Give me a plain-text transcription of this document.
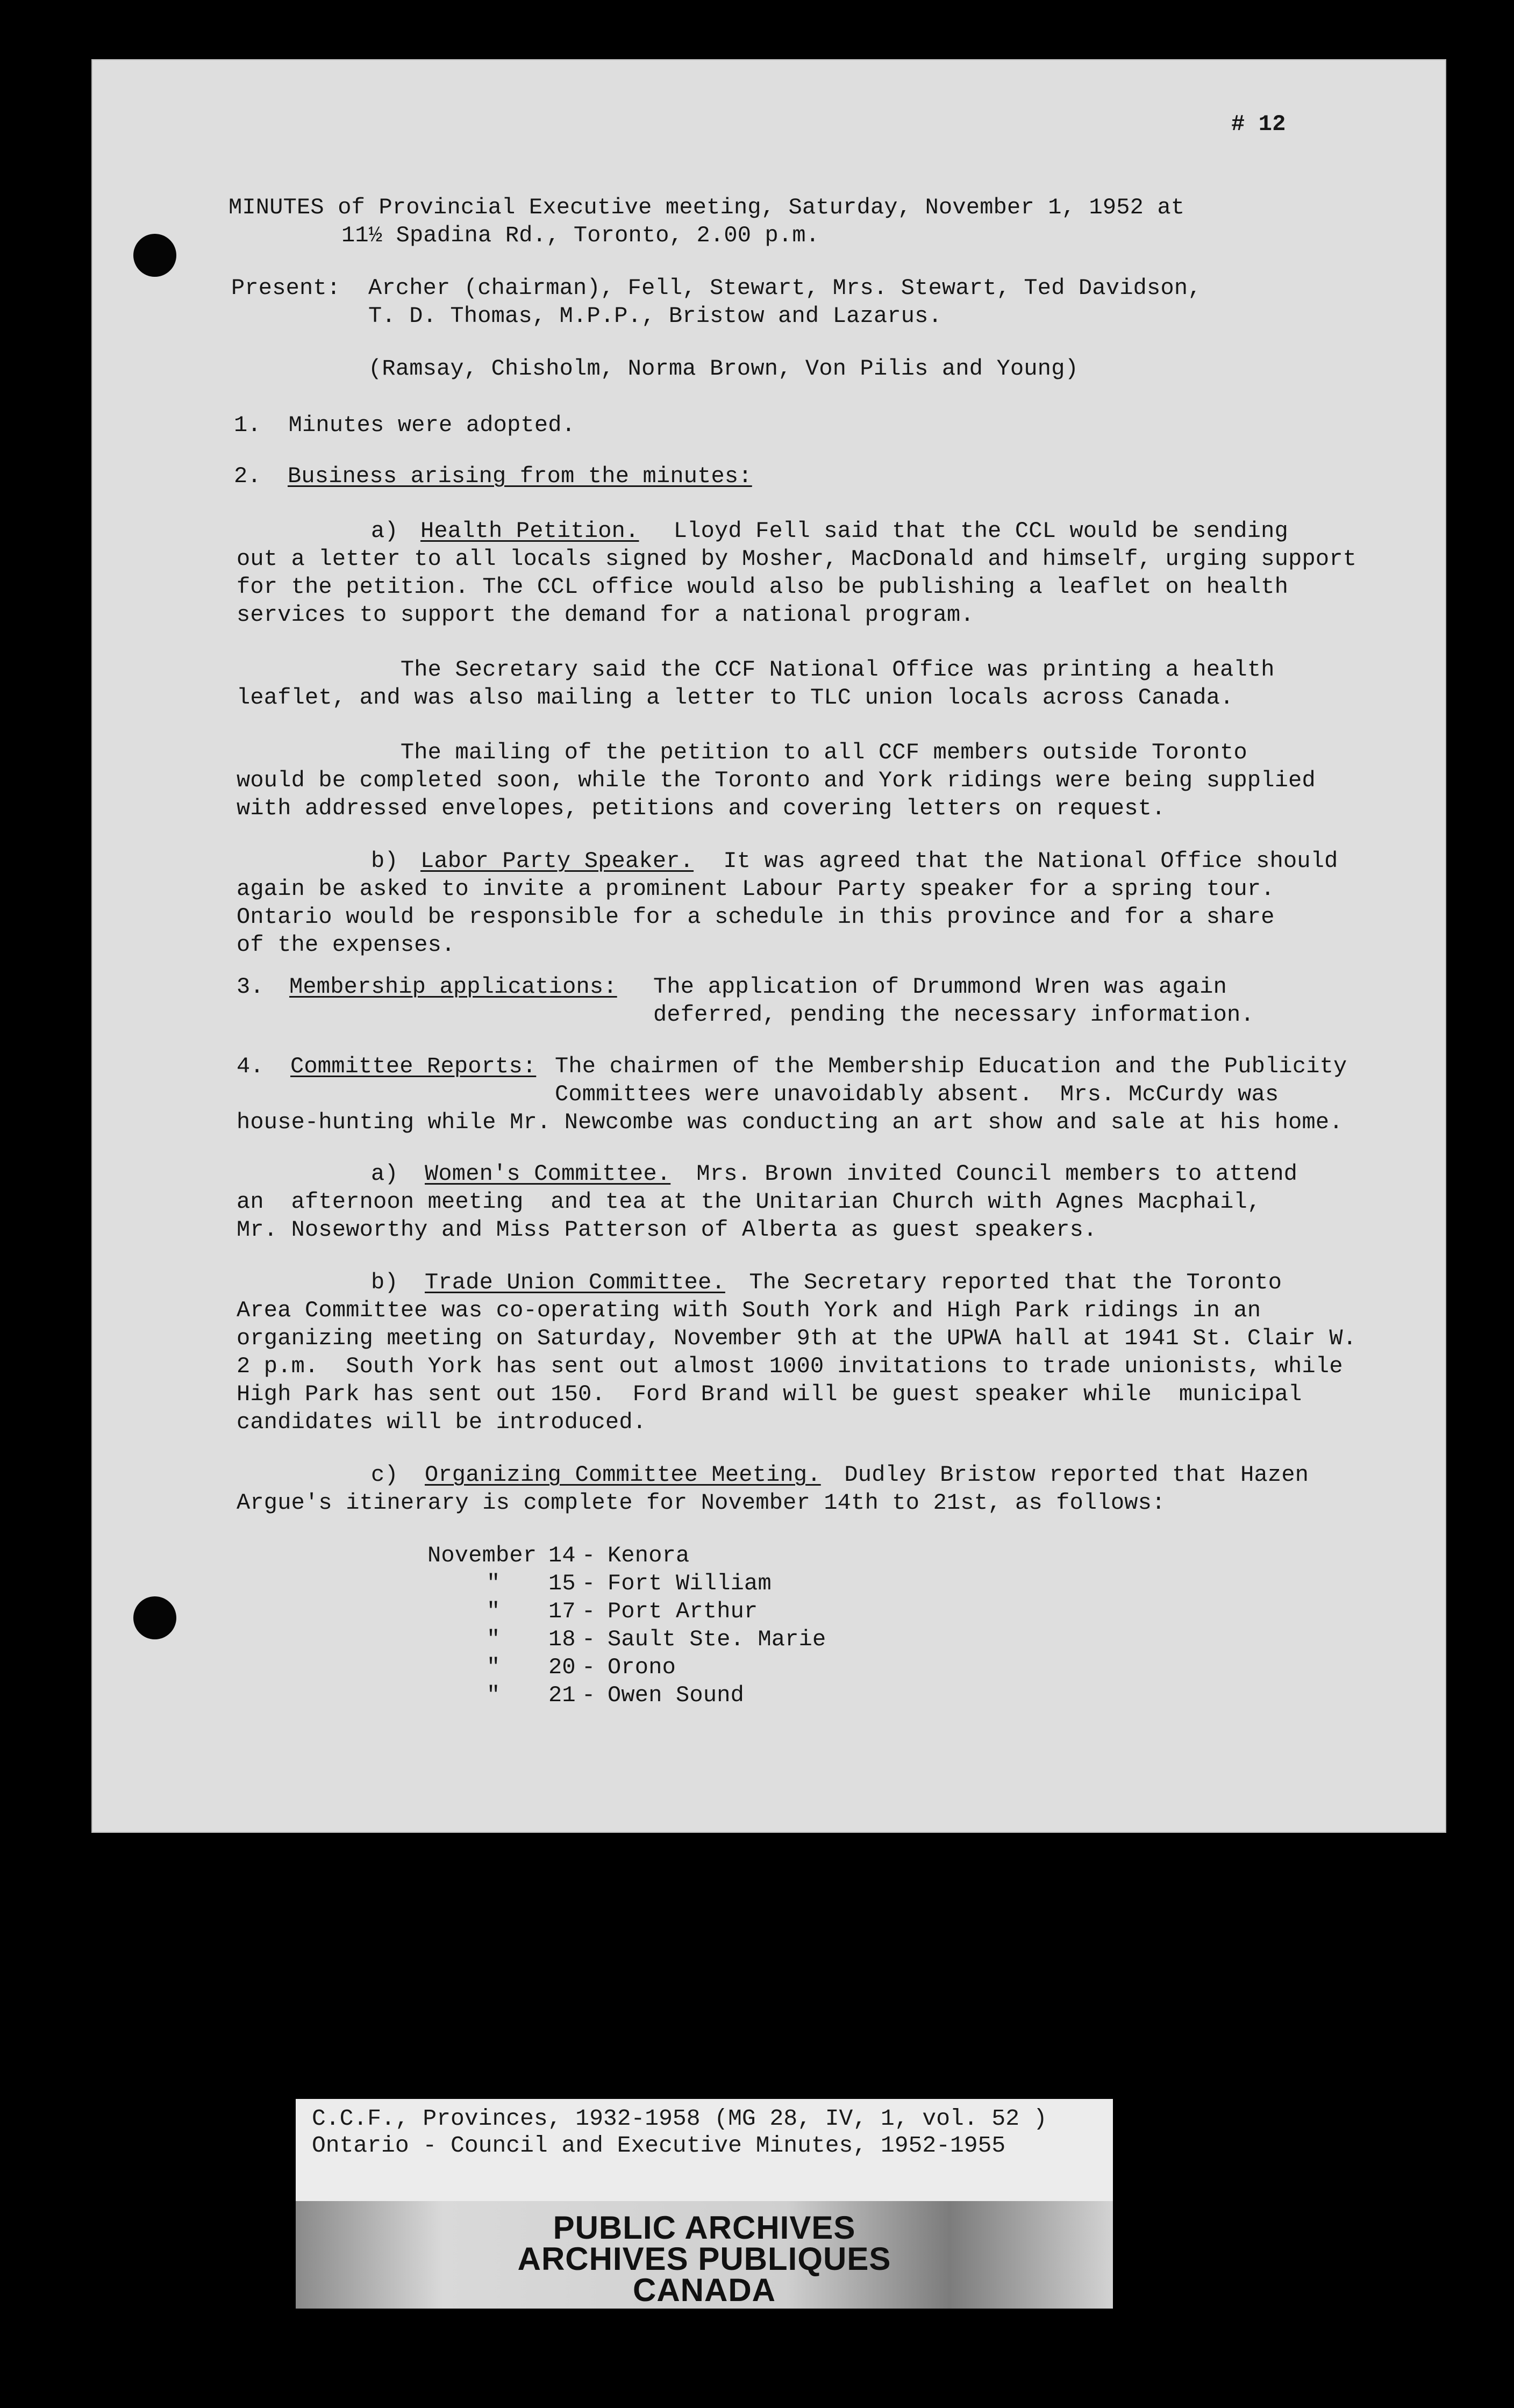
# 12
MINUTES of Provincial Executive meeting, Saturday, November 1, 1952 at
11½ Spadina Rd., Toronto, 2.00 p.m.
Present: Archer (chairman), Fell, Stewart, Mrs. Stewart, Ted Davidson,
T. D. Thomas, M.P.P., Bristow and Lazarus.
(Ramsay, Chisholm, Norma Brown, Von Pilis and Young)
1.  Minutes were adopted.
2. Business arising from the minutes:
a) Health Petition. Lloyd Fell said that the CCL would be sending
out a letter to all locals signed by Mosher, MacDonald and himself, urging support
for the petition. The CCL office would also be publishing a leaflet on health
services to support the demand for a national program.
The Secretary said the CCF National Office was printing a health
leaflet, and was also mailing a letter to TLC union locals across Canada.
The mailing of the petition to all CCF members outside Toronto
would be completed soon, while the Toronto and York ridings were being supplied
with addressed envelopes, petitions and covering letters on request.
b) Labor Party Speaker. It was agreed that the National Office should
again be asked to invite a prominent Labour Party speaker for a spring tour.
Ontario would be responsible for a schedule in this province and for a share
of the expenses.
3. Membership applications: The application of Drummond Wren was again
deferred, pending the necessary information.
4. Committee Reports: The chairmen of the Membership Education and the Publicity
Committees were unavoidably absent.  Mrs. McCurdy was
house-hunting while Mr. Newcombe was conducting an art show and sale at his home.
a) Women's Committee. Mrs. Brown invited Council members to attend
an  afternoon meeting  and tea at the Unitarian Church with Agnes Macphail,
Mr. Noseworthy and Miss Patterson of Alberta as guest speakers.
b) Trade Union Committee. The Secretary reported that the Toronto
Area Committee was co-operating with South York and High Park ridings in an
organizing meeting on Saturday, November 9th at the UPWA hall at 1941 St. Clair W.
2 p.m.  South York has sent out almost 1000 invitations to trade unionists, while
High Park has sent out 150.  Ford Brand will be guest speaker while  municipal
candidates will be introduced.
c) Organizing Committee Meeting. Dudley Bristow reported that Hazen
Argue's itinerary is complete for November 14th to 21st, as follows:
November 14 - Kenora
" 15 - Fort William
" 17 - Port Arthur
" 18 - Sault Ste. Marie
" 20 - Orono
" 21 - Owen Sound
C.C.F., Provinces, 1932-1958 (MG 28, IV, 1, vol. 52 )
Ontario - Council and Executive Minutes, 1952-1955
PUBLIC ARCHIVES
ARCHIVES PUBLIQUES
CANADA
